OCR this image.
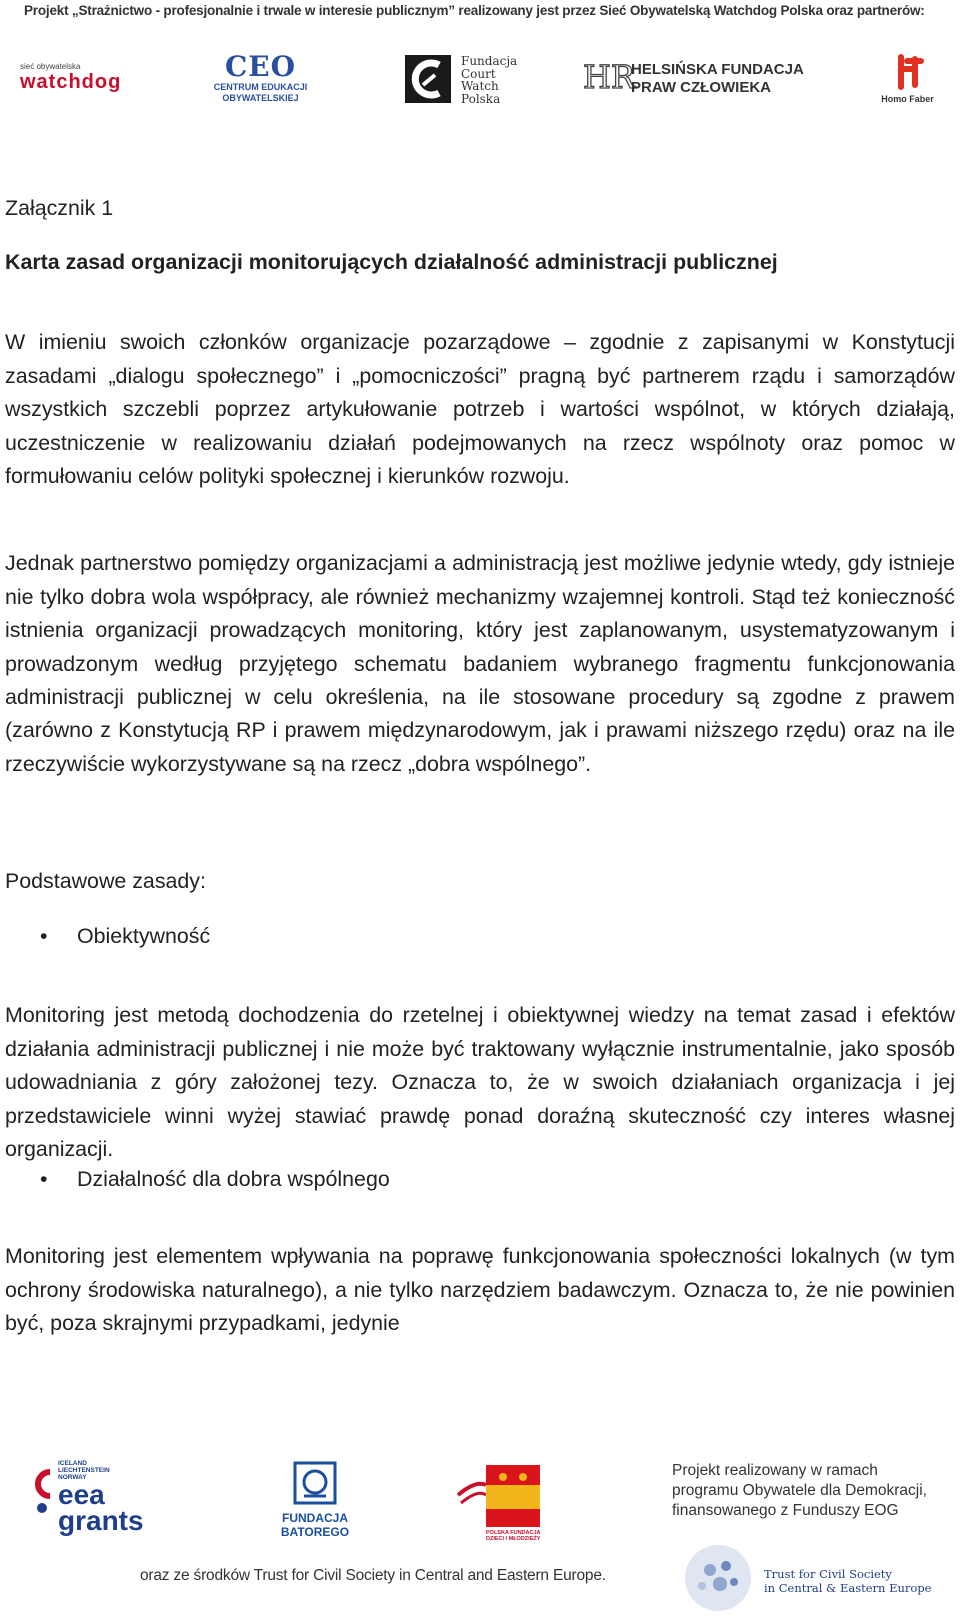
Projekt „Strażnictwo - profesjonalnie i trwale w interesie publicznym” realizowany jest przez Sieć Obywatelską Watchdog Polska oraz partnerów:
sieć obywatelska
watchdog	CEO
CENTRUM EDUKACJI
OBYWATELSKIEJ
Fundacja
Court
Watch
Polska
HR
HELSIŃSKA FUNDACJA
PRAW CZŁOWIEKA
Homo Faber
Załącznik 1
Karta zasad organizacji monitorujących działalność administracji publicznej

W imieniu swoich członków organizacje pozarządowe – zgodnie z zapisanymi w Konstytucji zasadami „dialogu społecznego” i „pomocniczości” pragną być partnerem rządu i samorządów wszystkich szczebli poprzez artykułowanie potrzeb i wartości wspólnot, w których działają, uczestniczenie w realizowaniu działań podejmowanych na rzecz wspólnoty oraz pomoc w formułowaniu celów polityki społecznej i kierunków rozwoju.

Jednak partnerstwo pomiędzy organizacjami a administracją jest możliwe jedynie wtedy, gdy istnieje nie tylko dobra wola współpracy, ale również mechanizmy wzajemnej kontroli. Stąd też konieczność istnienia organizacji prowadzących monitoring, który jest zaplanowanym, usystematyzowanym i prowadzonym według przyjętego schematu badaniem wybranego fragmentu funkcjonowania administracji publicznej w celu określenia, na ile stosowane procedury są zgodne z prawem (zarówno z Konstytucją RP i prawem międzynarodowym, jak i prawami niższego rzędu) oraz na ile rzeczywiście wykorzystywane są na rzecz „dobra wspólnego”.

Podstawowe zasady:
• Obiektywność

Monitoring jest metodą dochodzenia do rzetelnej i obiektywnej wiedzy na temat zasad i efektów działania administracji publicznej i nie może być traktowany wyłącznie instrumentalnie, jako sposób udowadniania z góry założonej tezy. Oznacza to, że w swoich działaniach organizacja i jej przedstawiciele winni wyżej stawiać prawdę ponad doraźną skuteczność czy interes własnej organizacji.

• Działalność dla dobra wspólnego

Monitoring jest elementem wpływania na poprawę funkcjonowania społeczności lokalnych (w tym ochrony środowiska naturalnego), a nie tylko narzędziem badawczym. Oznacza to, że nie powinien być, poza skrajnymi przypadkami, jedynie

ICELAND
LIECHTENSTEIN
NORWAY
eea
grants	FUNDACJA
BATOREGO	POLSKA FUNDACJA
DZIECI I MŁODZIEŻY
Projekt realizowany w ramach
programu Obywatele dla Demokracji,
finansowanego z Funduszy EOG
oraz ze środków Trust for Civil Society in Central and Eastern Europe.	Trust for Civil Society
in Central & Eastern Europe
